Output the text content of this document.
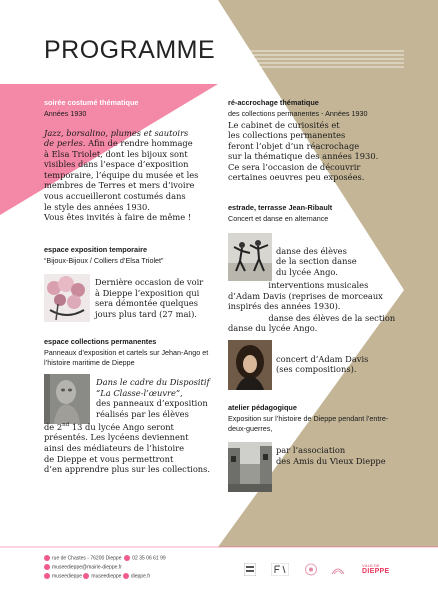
PROGRAMME
soirée costumé thématique
Années 1930
Jazz, borsalino, plumes et sautoirs
de perles. Afin de rendre hommage
à Elsa Triolet, dont les bijoux sont
visibles dans l’espace d’exposition
temporaire, l’équipe du musée et les
membres de Terres et mers d’ivoire
vous accueilleront costumés dans
le style des années 1930.
Vous êtes invités à faire de même !
espace exposition temporaire
“Bijoux-Bijoux / Colliers d’Elsa Triolet”
Dernière occasion de voir
à Dieppe l’exposition qui
sera démontée quelques
jours plus tard (27 mai).
espace collections permanentes
Panneaux d’exposition et cartels sur Jehan-Ango et l’histoire maritime de Dieppe
Dans le cadre du Dispositif
“La Classe-l’œuvre”,
des panneaux d’exposition
réalisés par les élèves
de 2nd 13 du lycée Ango seront
présentés. Les lycéens deviennent
ainsi des médiateurs de l’histoire
de Dieppe et vous permettront
d’en apprendre plus sur les collections.
ré-accrochage thématique
des collections permanentes - Années 1930
Le cabinet de curiosités et
les collections permanentes
feront l’objet d’un réacrochage
sur la thématique des années 1930.
Ce sera l’occasion de découvrir
certaines oeuvres peu exposées.
estrade, terrasse Jean-Ribault
Concert et danse en alternance
20 heures,
danse des élèves
de la section danse
du lycée Ango.
20 h 30, interventions musicales
d’Adam Davis (reprises de morceaux
inspirés des années 1930).
21 h 30, danse des élèves de la section
danse du lycée Ango.
22 heures,
concert d’Adam Davis
(ses compositions).
atelier pédagogique
Exposition sur l’histoire de Dieppe pendant l’entre-deux-guerres,
par l’association
des Amis du Vieux Dieppe
rue de Chastes - 76200 Dieppe 02 35 06 61 99
museedieppe@mairie-dieppe.fr
museedieppe museedieppe dieppe.fr
VILLE DE
DIEPPE
